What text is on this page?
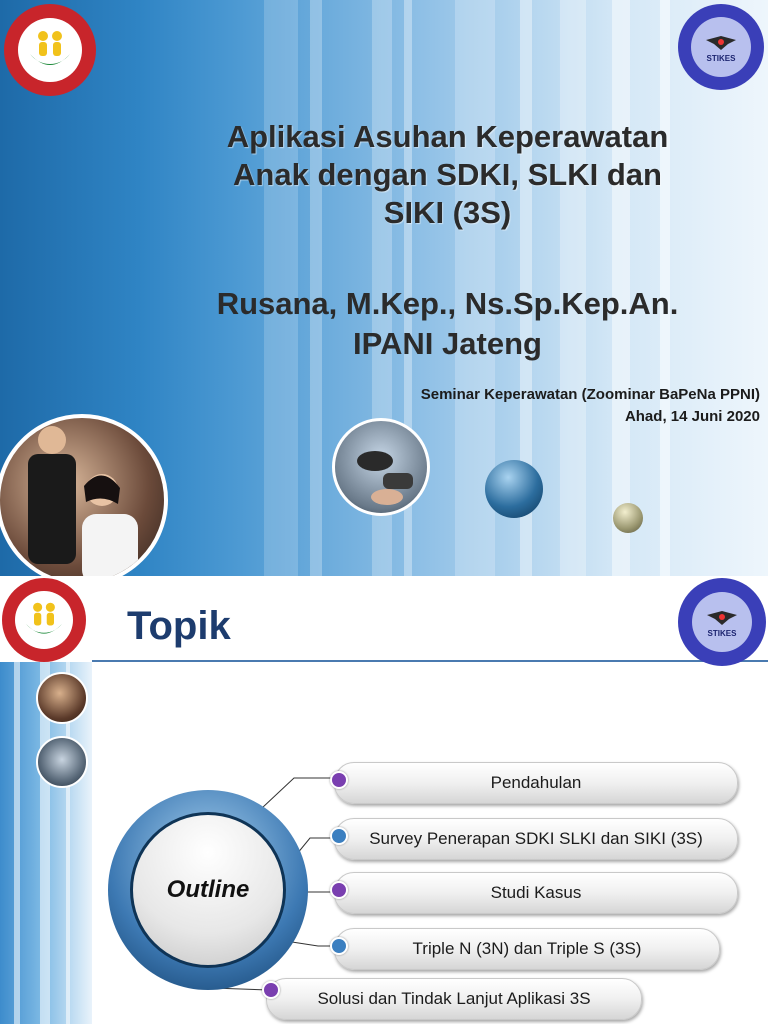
STIKES
Aplikasi Asuhan Keperawatan
Anak dengan SDKI, SLKI dan
SIKI (3S)
Rusana, M.Kep., Ns.Sp.Kep.An.
IPANI Jateng
Seminar Keperawatan (Zoominar BaPeNa PPNI)
Ahad, 14 Juni 2020
Topik	STIKES
Outline
Pendahulan
Survey Penerapan SDKI SLKI dan SIKI (3S)
Studi Kasus
Triple N (3N) dan Triple S (3S)
Solusi dan Tindak Lanjut Aplikasi 3S
